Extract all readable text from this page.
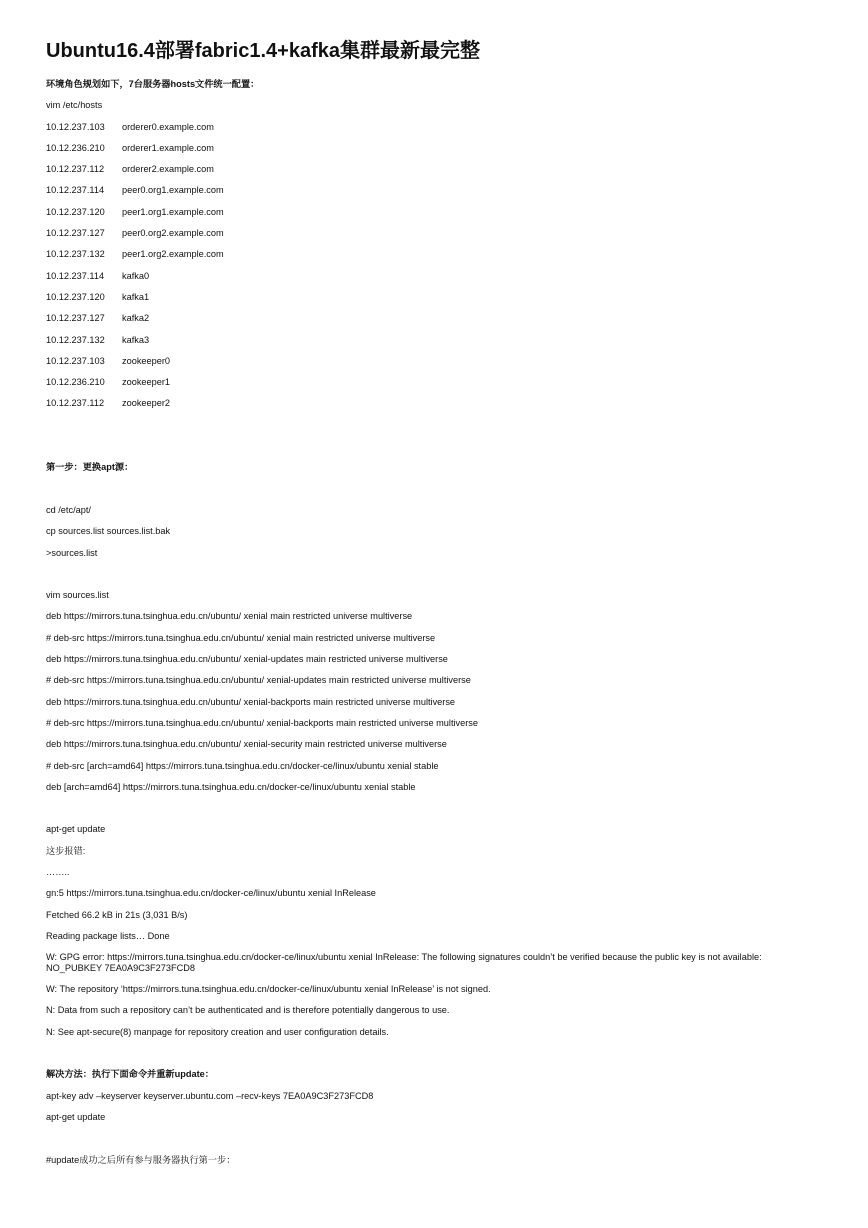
Ubuntu16.4部署fabric1.4+kafka集群最新最完整

环境角色规划如下，7台服务器hosts文件统一配置：

vim /etc/hosts

10.12.237.103 orderer0.example.com
10.12.236.210 orderer1.example.com
10.12.237.112 orderer2.example.com
10.12.237.114 peer0.org1.example.com
10.12.237.120 peer1.org1.example.com
10.12.237.127 peer0.org2.example.com
10.12.237.132 peer1.org2.example.com
10.12.237.114 kafka0
10.12.237.120 kafka1
10.12.237.127 kafka2
10.12.237.132 kafka3
10.12.237.103 zookeeper0
10.12.236.210 zookeeper1
10.12.237.112 zookeeper2

第一步：更换apt源：

cd /etc/apt/

cp sources.list sources.list.bak

>sources.list

vim sources.list

deb https://mirrors.tuna.tsinghua.edu.cn/ubuntu/ xenial main restricted universe multiverse

# deb-src https://mirrors.tuna.tsinghua.edu.cn/ubuntu/ xenial main restricted universe multiverse

deb https://mirrors.tuna.tsinghua.edu.cn/ubuntu/ xenial-updates main restricted universe multiverse

# deb-src https://mirrors.tuna.tsinghua.edu.cn/ubuntu/ xenial-updates main restricted universe multiverse

deb https://mirrors.tuna.tsinghua.edu.cn/ubuntu/ xenial-backports main restricted universe multiverse

# deb-src https://mirrors.tuna.tsinghua.edu.cn/ubuntu/ xenial-backports main restricted universe multiverse

deb https://mirrors.tuna.tsinghua.edu.cn/ubuntu/ xenial-security main restricted universe multiverse

# deb-src [arch=amd64] https://mirrors.tuna.tsinghua.edu.cn/docker-ce/linux/ubuntu xenial stable

deb [arch=amd64] https://mirrors.tuna.tsinghua.edu.cn/docker-ce/linux/ubuntu xenial stable

apt-get update

这步报错:

……..

gn:5 https://mirrors.tuna.tsinghua.edu.cn/docker-ce/linux/ubuntu xenial InRelease

Fetched 66.2 kB in 21s (3,031 B/s)

Reading package lists… Done

W: GPG error: https://mirrors.tuna.tsinghua.edu.cn/docker-ce/linux/ubuntu xenial InRelease: The following signatures couldn’t be verified because the public key is not available:

NO_PUBKEY 7EA0A9C3F273FCD8

W: The repository ‘https://mirrors.tuna.tsinghua.edu.cn/docker-ce/linux/ubuntu xenial InRelease’ is not signed.

N: Data from such a repository can’t be authenticated and is therefore potentially dangerous to use.

N: See apt-secure(8) manpage for repository creation and user configuration details.

解决方法：执行下面命令并重新update：

apt-key adv –keyserver keyserver.ubuntu.com –recv-keys 7EA0A9C3F273FCD8

apt-get update

#update成功之后所有参与服务器执行第一步：
